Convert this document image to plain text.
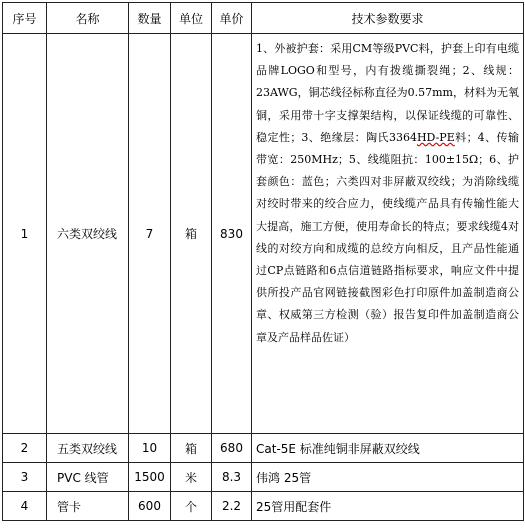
序号	名称	数量	单位	单价	技术参数要求
1	六类双绞线	7	箱	830	1、外被护套：采用CM等级PVC料，护套上印有电缆品牌LOGO和型号，内有拨缆撕裂绳；2、线规：23AWG，铜芯线径标称直径为0.57mm，材料为无氧铜，采用带十字支撑架结构，以保证线缆的可靠性、稳定性；3、绝缘层：陶氏3364HD-PE料；4、传输带宽：250MHz；5、线缆阻抗：100±15Ω；6、护套颜色：蓝色；六类四对非屏蔽双绞线；为消除线缆对绞时带来的绞合应力，使线缆产品具有传输性能大大提高，施工方便，使用寿命长的特点；要求线缆4对线的对绞方向和成缆的总绞方向相反，且产品性能通过CP点链路和6点信道链路指标要求，响应文件中提供所投产品官网链接截图彩色打印原件加盖制造商公章、权威第三方检测（验）报告复印件加盖制造商公章及产品样品佐证）
2	五类双绞线	10	箱	680	Cat-5E 标准纯铜非屏蔽双绞线
3	PVC 线管	1500	米	8.3	伟鸿 25管
4	管卡	600	个	2.2	25管用配套件
